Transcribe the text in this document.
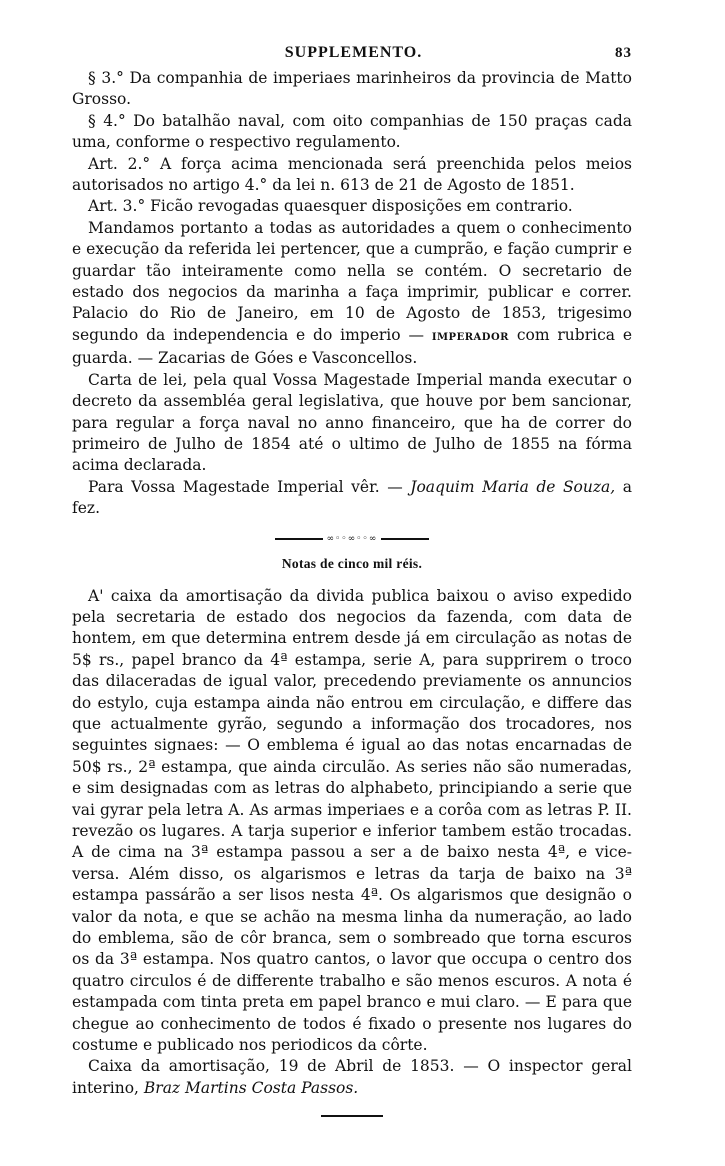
SUPPLEMENTO.	83

§ 3.° Da companhia de imperiaes marinheiros da provincia de Matto Grosso.

§ 4.° Do batalhão naval, com oito companhias de 150 praças cada uma, conforme o respectivo regulamento.

Art. 2.° A força acima mencionada será preenchida pelos meios autorisados no artigo 4.° da lei n. 613 de 21 de Agosto de 1851.

Art. 3.° Ficão revogadas quaesquer disposições em contrario.

Mandamos portanto a todas as autoridades a quem o conhecimento e execução da referida lei pertencer, que a cumprão, e fação cumprir e guardar tão inteiramente como nella se contém. O secretario de estado dos negocios da marinha a faça imprimir, publicar e correr. Palacio do Rio de Janeiro, em 10 de Agosto de 1853, trigesimo segundo da independencia e do imperio — IMPERADOR com rubrica e guarda. — Zacarias de Góes e Vasconcellos.

Carta de lei, pela qual Vossa Magestade Imperial manda executar o decreto da assembléa geral legislativa, que houve por bem sancionar, para regular a força naval no anno financeiro, que ha de correr do primeiro de Julho de 1854 até o ultimo de Julho de 1855 na fórma acima declarada.

Para Vossa Magestade Imperial vêr. — Joaquim Maria de Souza, a fez.

∞◦◦∞◦◦∞
Notas de cinco mil réis.

A' caixa da amortisação da divida publica baixou o aviso expedido pela secretaria de estado dos negocios da fazenda, com data de hontem, em que determina entrem desde já em circulação as notas de 5$ rs., papel branco da 4ª estampa, serie A, para supprirem o troco das dilaceradas de igual valor, precedendo previamente os annuncios do estylo, cuja estampa ainda não entrou em circulação, e differe das que actualmente gyrão, segundo a informação dos trocadores, nos seguintes signaes: — O emblema é igual ao das notas encarnadas de 50$ rs., 2ª estampa, que ainda circulão. As series não são numeradas, e sim designadas com as letras do alphabeto, principiando a serie que vai gyrar pela letra A. As armas imperiaes e a corôa com as letras P. II. revezão os lugares. A tarja superior e inferior tambem estão trocadas. A de cima na 3ª estampa passou a ser a de baixo nesta 4ª, e vice-versa. Além disso, os algarismos e letras da tarja de baixo na 3ª estampa passárão a ser lisos nesta 4ª. Os algarismos que designão o valor da nota, e que se achão na mesma linha da numeração, ao lado do emblema, são de côr branca, sem o sombreado que torna escuros os da 3ª estampa. Nos quatro cantos, o lavor que occupa o centro dos quatro circulos é de differente trabalho e são menos escuros. A nota é estampada com tinta preta em papel branco e mui claro. — E para que chegue ao conhecimento de todos é fixado o presente nos lugares do costume e publicado nos periodicos da côrte.

Caixa da amortisação, 19 de Abril de 1853. — O inspector geral interino, Braz Martins Costa Passos.
